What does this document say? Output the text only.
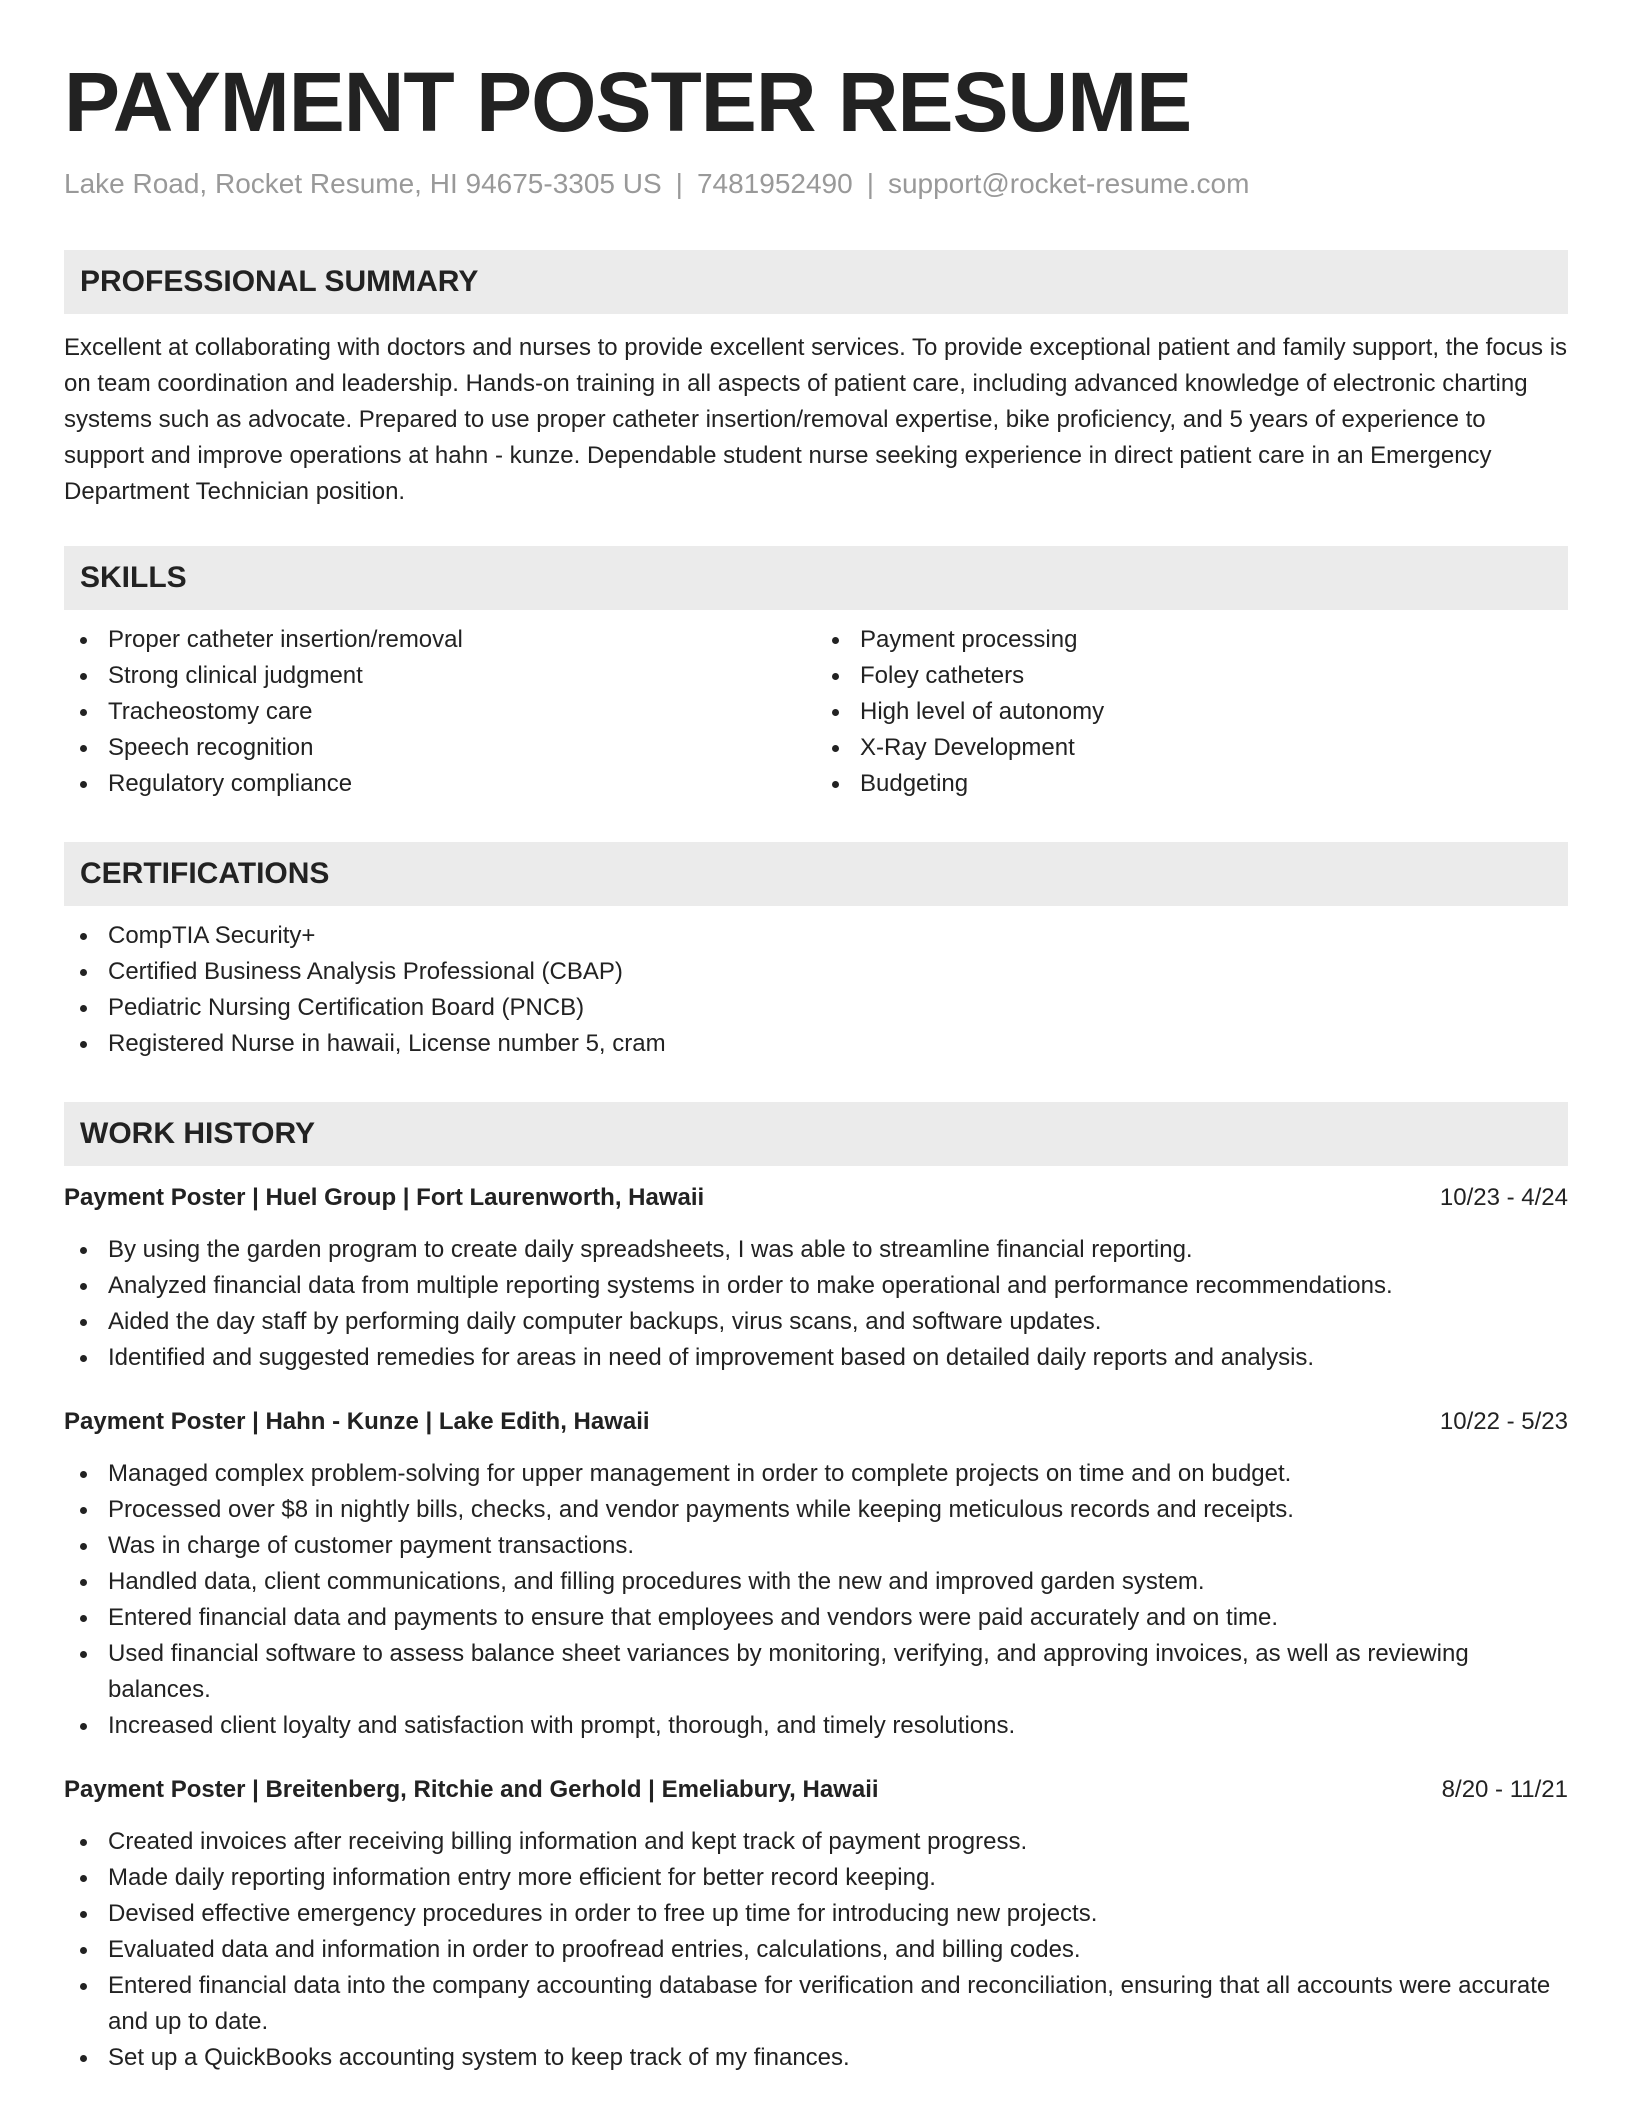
PAYMENT POSTER RESUME
Lake Road, Rocket Resume, HI 94675-3305 US | 7481952490 | support@rocket-resume.com
PROFESSIONAL SUMMARY

Excellent at collaborating with doctors and nurses to provide excellent services. To provide exceptional patient and family support, the focus is on team coordination and leadership. Hands-on training in all aspects of patient care, including advanced knowledge of electronic charting systems such as advocate. Prepared to use proper catheter insertion/removal expertise, bike proficiency, and 5 years of experience to support and improve operations at hahn - kunze. Dependable student nurse seeking experience in direct patient care in an Emergency Department Technician position.

SKILLS
Proper catheter insertion/removal
Strong clinical judgment
Tracheostomy care
Speech recognition
Regulatory compliance
Payment processing
Foley catheters
High level of autonomy
X-Ray Development
Budgeting
CERTIFICATIONS
CompTIA Security+
Certified Business Analysis Professional (CBAP)
Pediatric Nursing Certification Board (PNCB)
Registered Nurse in hawaii, License number 5, cram
WORK HISTORY
Payment Poster | Huel Group | Fort Laurenworth, Hawaii	10/23 - 4/24
By using the garden program to create daily spreadsheets, I was able to streamline financial reporting.
Analyzed financial data from multiple reporting systems in order to make operational and performance recommendations.
Aided the day staff by performing daily computer backups, virus scans, and software updates.
Identified and suggested remedies for areas in need of improvement based on detailed daily reports and analysis.
Payment Poster | Hahn - Kunze | Lake Edith, Hawaii	10/22 - 5/23
Managed complex problem-solving for upper management in order to complete projects on time and on budget.
Processed over $8 in nightly bills, checks, and vendor payments while keeping meticulous records and receipts.
Was in charge of customer payment transactions.
Handled data, client communications, and filling procedures with the new and improved garden system.
Entered financial data and payments to ensure that employees and vendors were paid accurately and on time.
Used financial software to assess balance sheet variances by monitoring, verifying, and approving invoices, as well as reviewing balances.
Increased client loyalty and satisfaction with prompt, thorough, and timely resolutions.
Payment Poster | Breitenberg, Ritchie and Gerhold | Emeliabury, Hawaii	8/20 - 11/21
Created invoices after receiving billing information and kept track of payment progress.
Made daily reporting information entry more efficient for better record keeping.
Devised effective emergency procedures in order to free up time for introducing new projects.
Evaluated data and information in order to proofread entries, calculations, and billing codes.
Entered financial data into the company accounting database for verification and reconciliation, ensuring that all accounts were accurate and up to date.
Set up a QuickBooks accounting system to keep track of my finances.
